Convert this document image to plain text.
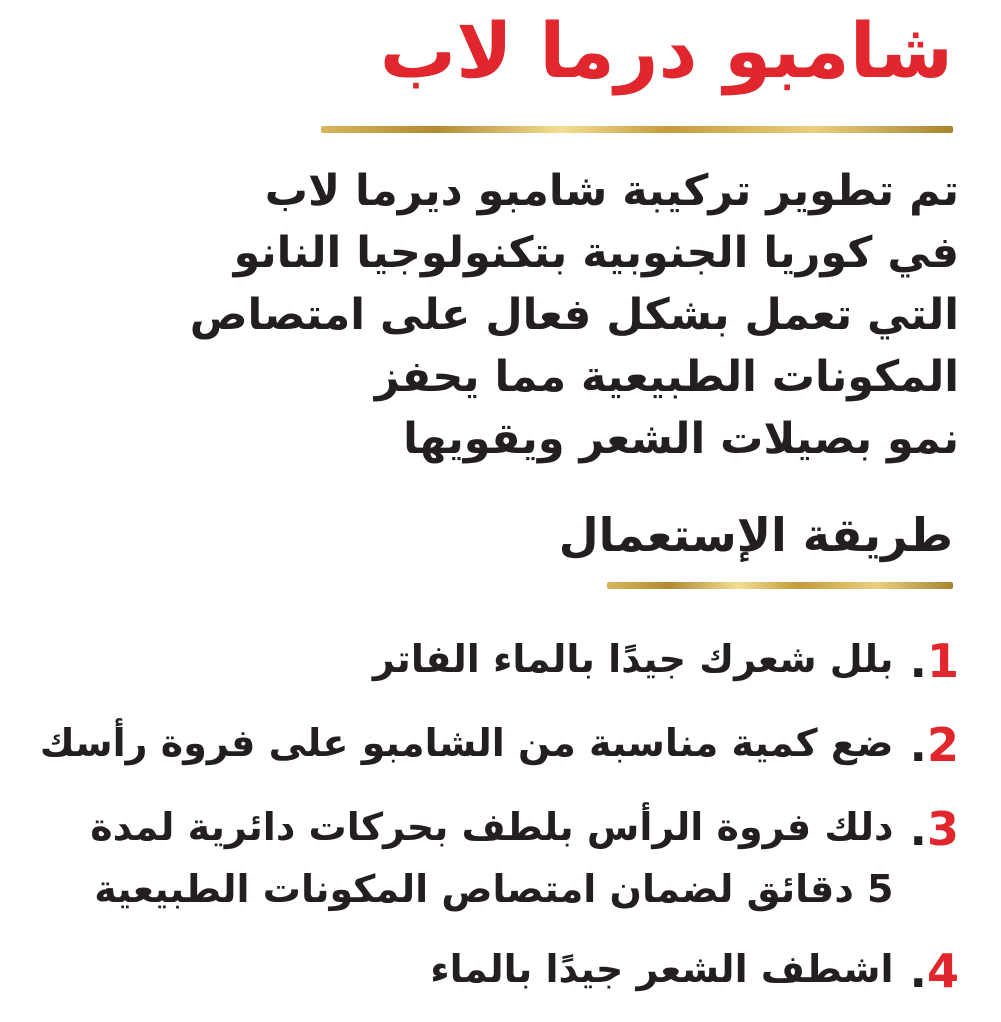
شامبو درما لاب

تم تطوير تركيبة شامبو ديرما لاب
في كوريا الجنوبية بتكنولوجيا النانو
التي تعمل بشكل فعال على امتصاص
المكونات الطبيعية مما يحفز
نمو بصيلات الشعر ويقويها

طريقة الإستعمال
1.
بلل شعرك جيدًا بالماء الفاتر
2.
ضع كمية مناسبة من الشامبو على فروة رأسك
3.
دلك فروة الرأس بلطف بحركات دائرية لمدة
5 دقائق لضمان امتصاص المكونات الطبيعية
4.
اشطف الشعر جيدًا بالماء
